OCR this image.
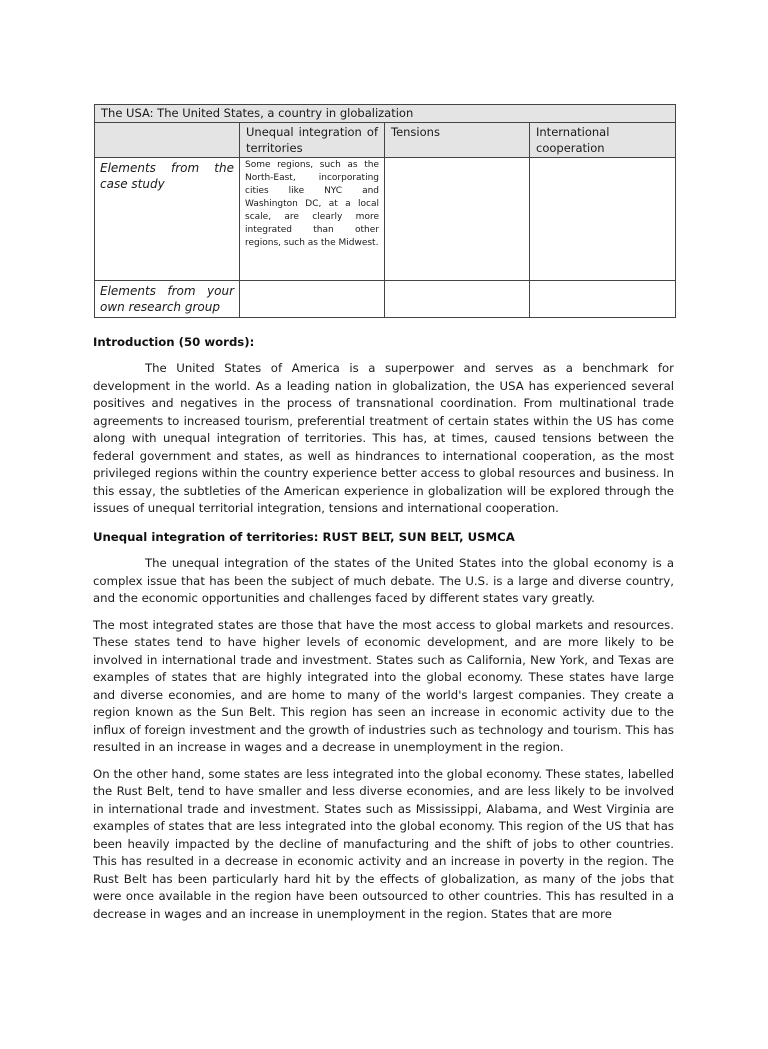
The USA: The United States, a country in globalization			
	Unequal integration of territories	Tensions	International cooperation
Elements from the case study	Some regions, such as the North-East, incorporating cities like NYC and Washington DC, at a local scale, are clearly more integrated than other regions, such as the Midwest.		
Elements from your own research group			
Introduction (50 words):

The United States of America is a superpower and serves as a benchmark for development in the world. As a leading nation in globalization, the USA has experienced several positives and negatives in the process of transnational coordination. From multinational trade agreements to increased tourism, preferential treatment of certain states within the US has come along with unequal integration of territories. This has, at times, caused tensions between the federal government and states, as well as hindrances to international cooperation, as the most privileged regions within the country experience better access to global resources and business. In this essay, the subtleties of the American experience in globalization will be explored through the issues of unequal territorial integration, tensions and international cooperation.

Unequal integration of territories: RUST BELT, SUN BELT, USMCA

The unequal integration of the states of the United States into the global economy is a complex issue that has been the subject of much debate. The U.S. is a large and diverse country, and the economic opportunities and challenges faced by different states vary greatly.

The most integrated states are those that have the most access to global markets and resources. These states tend to have higher levels of economic development, and are more likely to be involved in international trade and investment. States such as California, New York, and Texas are examples of states that are highly integrated into the global economy. These states have large and diverse economies, and are home to many of the world's largest companies. They create a region known as the Sun Belt. This region has seen an increase in economic activity due to the influx of foreign investment and the growth of industries such as technology and tourism. This has resulted in an increase in wages and a decrease in unemployment in the region.

On the other hand, some states are less integrated into the global economy. These states, labelled the Rust Belt, tend to have smaller and less diverse economies, and are less likely to be involved in international trade and investment. States such as Mississippi, Alabama, and West Virginia are examples of states that are less integrated into the global economy. This region of the US that has been heavily impacted by the decline of manufacturing and the shift of jobs to other countries. This has resulted in a decrease in economic activity and an increase in poverty in the region. The Rust Belt has been particularly hard hit by the effects of globalization, as many of the jobs that were once available in the region have been outsourced to other countries. This has resulted in a decrease in wages and an increase in unemployment in the region. States that are more
